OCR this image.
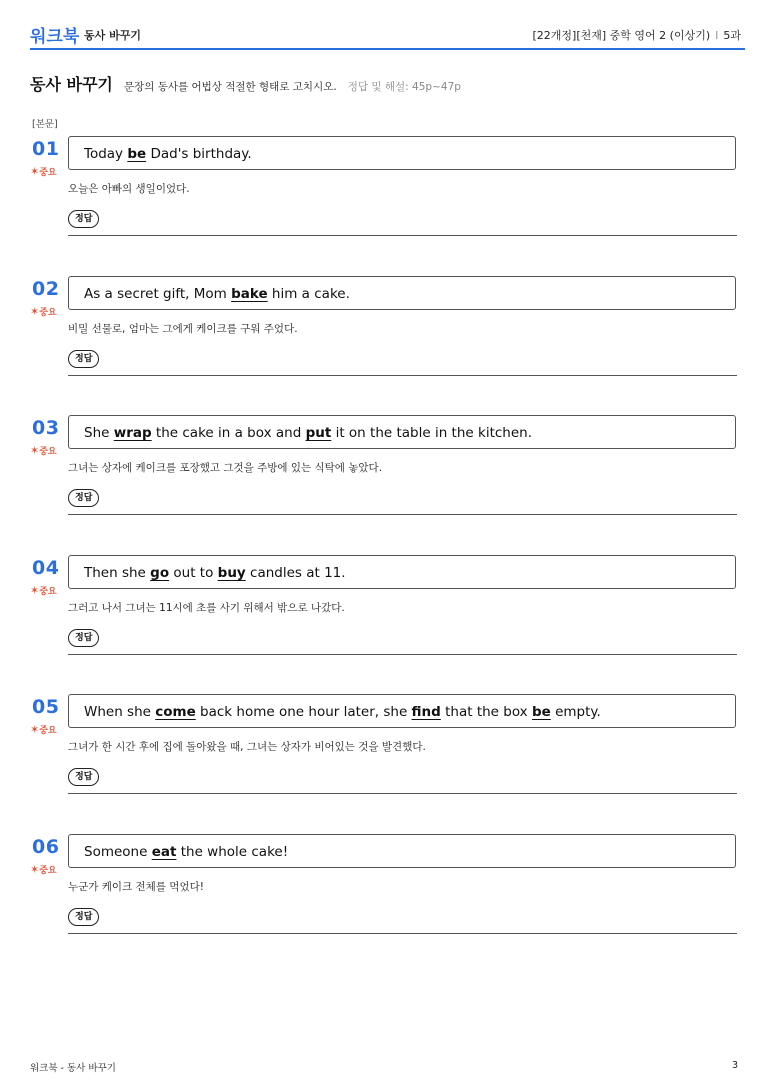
워크북 동사 바꾸기	[22개정][천재] 중학 영어 2 (이상기) I 5과
동사 바꾸기 문장의 동사를 어법상 적절한 형태로 고치시오. 정답 및 해설: 45p~47p
[본문]
01
✶중요
Today be Dad's birthday.
오늘은 아빠의 생일이었다.
정답
02
✶중요
As a secret gift, Mom bake him a cake.
비밀 선물로, 엄마는 그에게 케이크를 구워 주었다.
정답
03
✶중요
She wrap the cake in a box and put it on the table in the kitchen.
그녀는 상자에 케이크를 포장했고 그것을 주방에 있는 식탁에 놓았다.
정답
04
✶중요
Then she go out to buy candles at 11.
그러고 나서 그녀는 11시에 초를 사기 위해서 밖으로 나갔다.
정답
05
✶중요
When she come back home one hour later, she find that the box be empty.
그녀가 한 시간 후에 집에 돌아왔을 때, 그녀는 상자가 비어있는 것을 발견했다.
정답
06
✶중요
Someone eat the whole cake!
누군가 케이크 전체를 먹었다!
정답
워크북 - 동사 바꾸기	3
